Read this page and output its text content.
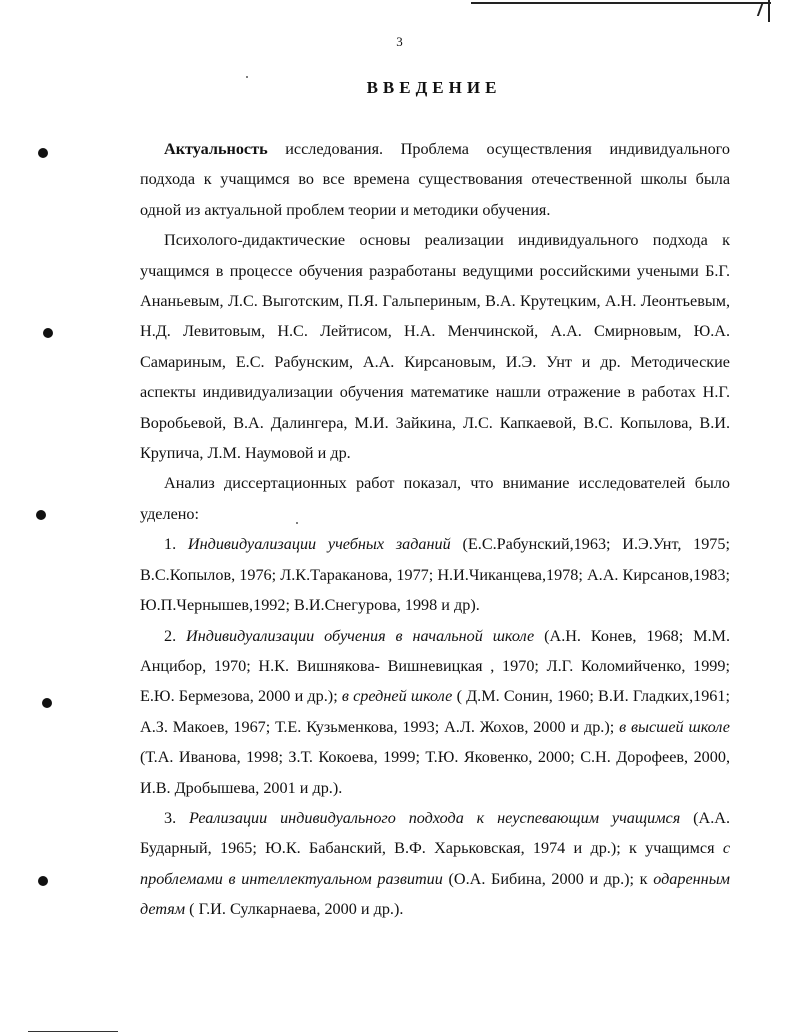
3
ВВЕДЕНИЕ

Актуальность исследования. Проблема осуществления индивидуального подхода к учащимся во все времена существования отечественной школы была одной из актуальной проблем теории и методики обучения.

Психолого-дидактические основы реализации индивидуального подхода к учащимся в процессе обучения разработаны ведущими российскими учеными Б.Г. Ананьевым, Л.С. Выготским, П.Я. Гальпериным, В.А. Крутецким, А.Н. Леонтьевым, Н.Д. Левитовым, Н.С. Лейтисом, Н.А. Менчинской, А.А. Смирновым, Ю.А. Самариным, Е.С. Рабунским, А.А. Кирсановым, И.Э. Унт и др. Методические аспекты индивидуализации обучения математике нашли отражение в работах Н.Г. Воробьевой, В.А. Далингера, М.И. Зайкина, Л.С. Капкаевой, В.С. Копылова, В.И. Крупича, Л.М. Наумовой и др.

Анализ диссертационных работ показал, что внимание исследователей было уделено:

1. Индивидуализации учебных заданий (Е.С.Рабунский,1963; И.Э.Унт, 1975; В.С.Копылов, 1976; Л.К.Тараканова, 1977; Н.И.Чиканцева,1978; А.А. Кирсанов,1983; Ю.П.Чернышев,1992; В.И.Снегурова, 1998 и др).

2. Индивидуализации обучения в начальной школе (А.Н. Конев, 1968; М.М. Анцибор, 1970; Н.К. Вишнякова- Вишневицкая , 1970; Л.Г. Коломийченко, 1999; Е.Ю. Бермезова, 2000 и др.); в средней школе ( Д.М. Сонин, 1960; В.И. Гладких,1961; А.З. Макоев, 1967; Т.Е. Кузьменкова, 1993; А.Л. Жохов, 2000 и др.); в высшей школе (Т.А. Иванова, 1998; З.Т. Кокоева, 1999; Т.Ю. Яковенко, 2000; С.Н. Дорофеев, 2000, И.В. Дробышева, 2001 и др.).

3. Реализации индивидуального подхода к неуспевающим учащимся (А.А. Бударный, 1965; Ю.К. Бабанский, В.Ф. Харьковская, 1974 и др.); к учащимся с проблемами в интеллектуальном развитии (О.А. Бибина, 2000 и др.); к одаренным детям ( Г.И. Сулкарнаева, 2000 и др.).
